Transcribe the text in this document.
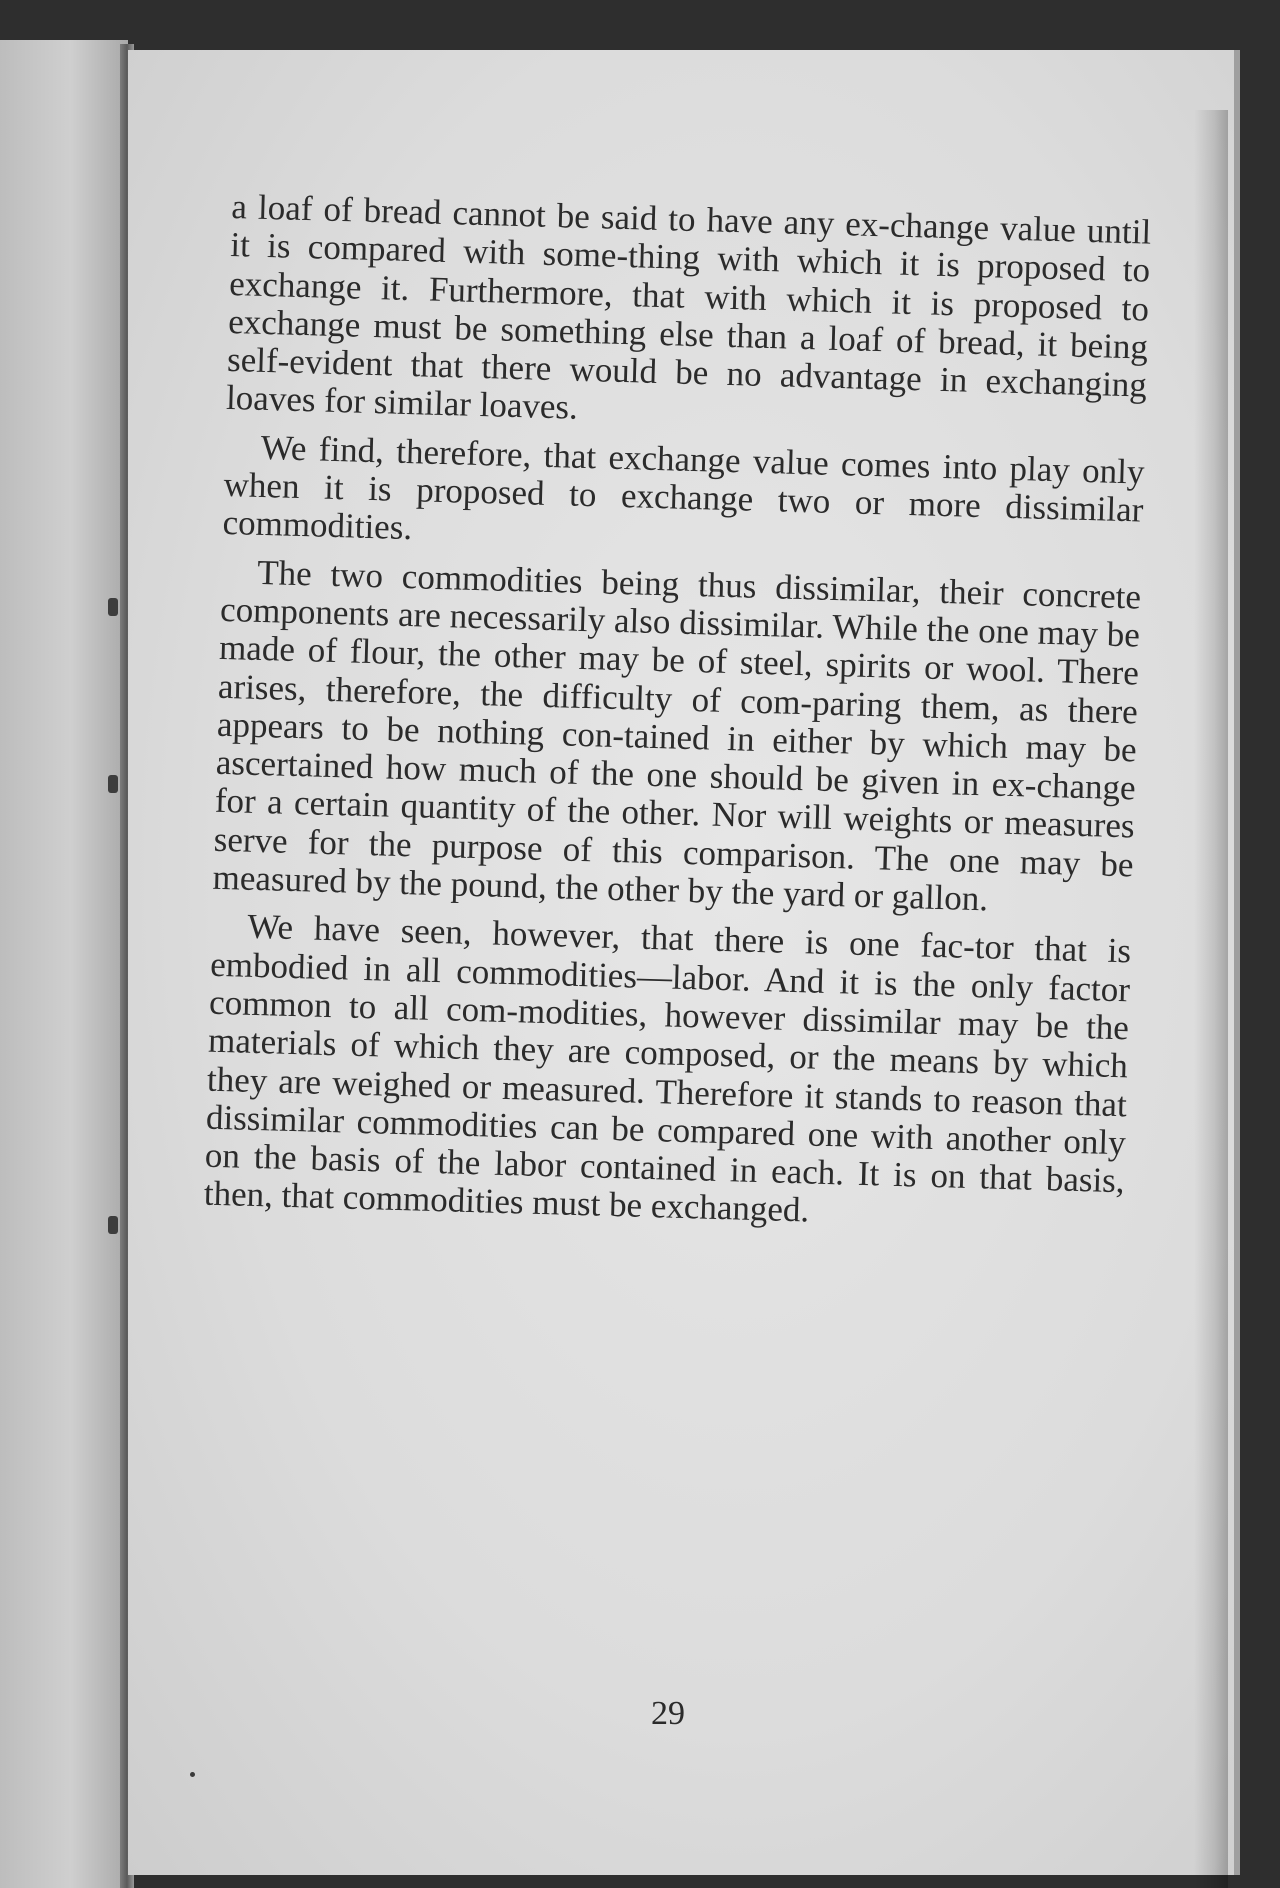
a loaf of bread cannot be said to have any ex-change value until it is compared with some-thing with which it is proposed to exchange it. Furthermore, that with which it is proposed to exchange must be something else than a loaf of bread, it being self-evident that there would be no advantage in exchanging loaves for similar loaves.

We find, therefore, that exchange value comes into play only when it is proposed to exchange two or more dissimilar commodities.

The two commodities being thus dissimilar, their concrete components are necessarily also dissimilar. While the one may be made of flour, the other may be of steel, spirits or wool. There arises, therefore, the difficulty of com-paring them, as there appears to be nothing con-tained in either by which may be ascertained how much of the one should be given in ex-change for a certain quantity of the other. Nor will weights or measures serve for the purpose of this comparison. The one may be measured by the pound, the other by the yard or gallon.

We have seen, however, that there is one fac-tor that is embodied in all commodities—labor. And it is the only factor common to all com-modities, however dissimilar may be the materials of which they are composed, or the means by which they are weighed or measured. Therefore it stands to reason that dissimilar commodities can be compared one with another only on the basis of the labor contained in each. It is on that basis, then, that commodities must be exchanged.

29
